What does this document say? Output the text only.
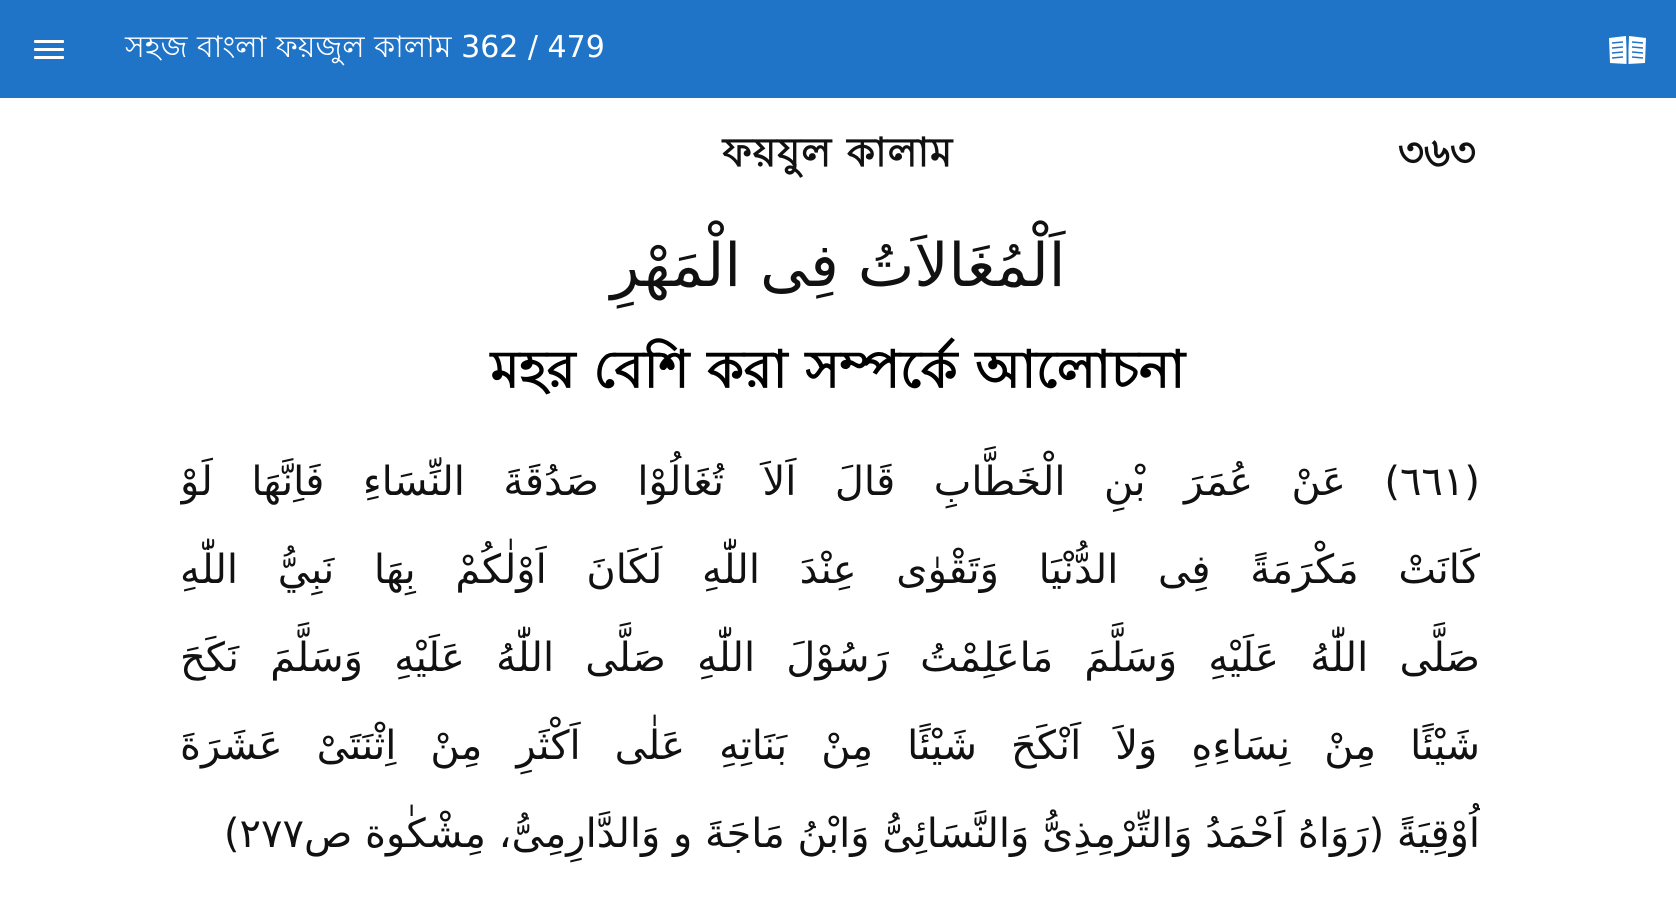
সহজ বাংলা ফয়জুল কালাম 362 / 479
ফয়যুল কালাম	৩৬৩
اَلْمُغَالاَتُ فِى الْمَهْرِ
মহর বেশি করা সম্পর্কে আলোচনা
(٦٦١) عَنْ عُمَرَ بْنِ الْخَطَّابِ قَالَ اَلاَ تُغَالُوْا صَدُقَةَ النِّسَاءِ فَاِنَّهَا لَوْ
كَانَتْ مَكْرَمَةً فِى الدُّنْيَا وَتَقْوٰى عِنْدَ اللّٰهِ لَكَانَ اَوْلٰكُمْ بِهَا نَبِيُّ اللّٰهِ
صَلَّى اللّٰهُ عَلَيْهِ وَسَلَّمَ مَاعَلِمْتُ رَسُوْلَ اللّٰهِ صَلَّى اللّٰهُ عَلَيْهِ وَسَلَّمَ نَكَحَ
شَيْئًا مِنْ نِسَاءِهِ وَلاَ اَنْكَحَ شَيْئًا مِنْ بَنَاتِهِ عَلٰى اَكْثَرِ مِنْ اِثْنَتَىْ عَشَرَةَ
اُوْقِيَةً (رَوَاهُ اَحْمَدُ وَالتِّرْمِذِىُّ وَالنَّسَائِىُّ وَابْنُ مَاجَةَ و وَالدَّارِمِىُّ، مِشْكٰوة ص٢٧٧)
